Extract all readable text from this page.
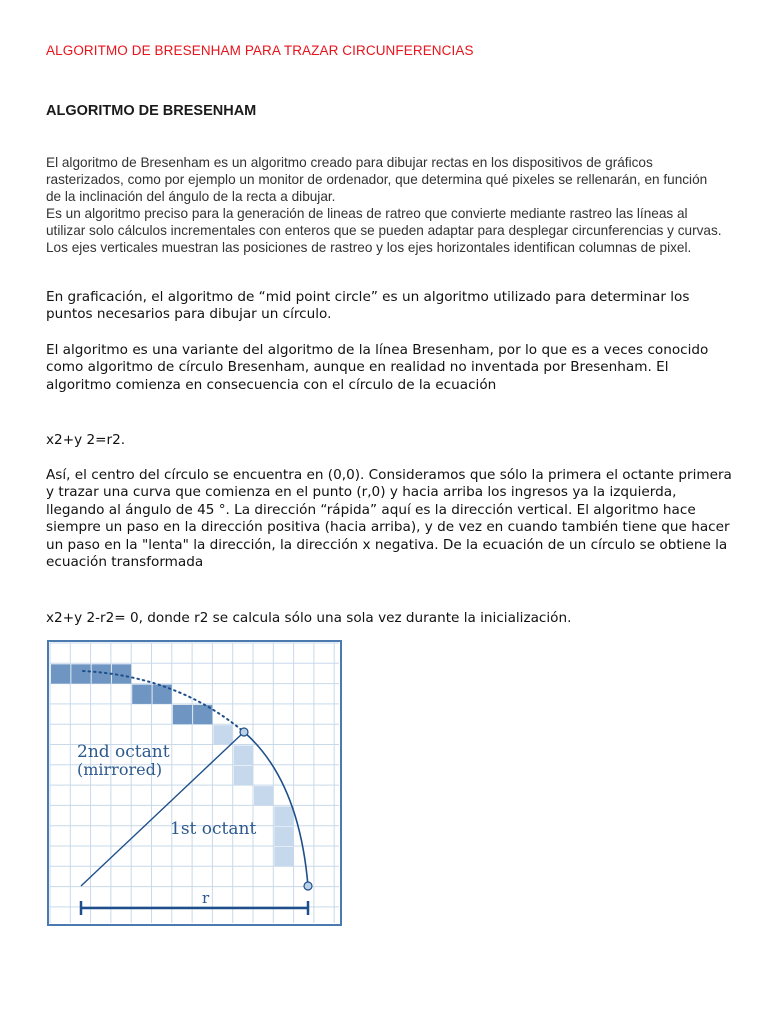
ALGORITMO DE BRESENHAM PARA TRAZAR CIRCUNFERENCIAS
ALGORITMO DE BRESENHAM

El algoritmo de Bresenham es un algoritmo creado para dibujar rectas en los dispositivos de gráficos rasterizados, como por ejemplo un monitor de ordenador, que determina qué pixeles se rellenarán, en función de la inclinación del ángulo de la recta a dibujar.

Es un algoritmo preciso para la generación de lineas de ratreo que convierte mediante rastreo las líneas al utilizar solo cálculos incrementales con enteros que se pueden adaptar para desplegar circunferencias y curvas. Los ejes verticales muestran las posiciones de rastreo y los ejes horizontales identifican columnas de pixel.

En graficación, el algoritmo de “mid point circle” es un algoritmo utilizado para determinar los puntos necesarios para dibujar un círculo.

El algoritmo es una variante del algoritmo de la línea Bresenham, por lo que es a veces conocido como algoritmo de círculo Bresenham, aunque en realidad no inventada por Bresenham. El algoritmo comienza en consecuencia con el círculo de la ecuación

x2+y 2=r2.

Así, el centro del círculo se encuentra en (0,0). Consideramos que sólo la primera el octante primera y trazar una curva que comienza en el punto (r,0) y hacia arriba los ingresos ya la izquierda, llegando al ángulo de 45 °. La dirección “rápida” aquí es la dirección vertical. El algoritmo hace siempre un paso en la dirección positiva (hacia arriba), y de vez en cuando también tiene que hacer un paso en la "lenta" la dirección, la dirección x negativa. De la ecuación de un círculo se obtiene la ecuación transformada

x2+y 2-r2= 0, donde r2 se calcula sólo una sola vez durante la inicialización.

r
2nd octant
(mirrored)
1st octant
